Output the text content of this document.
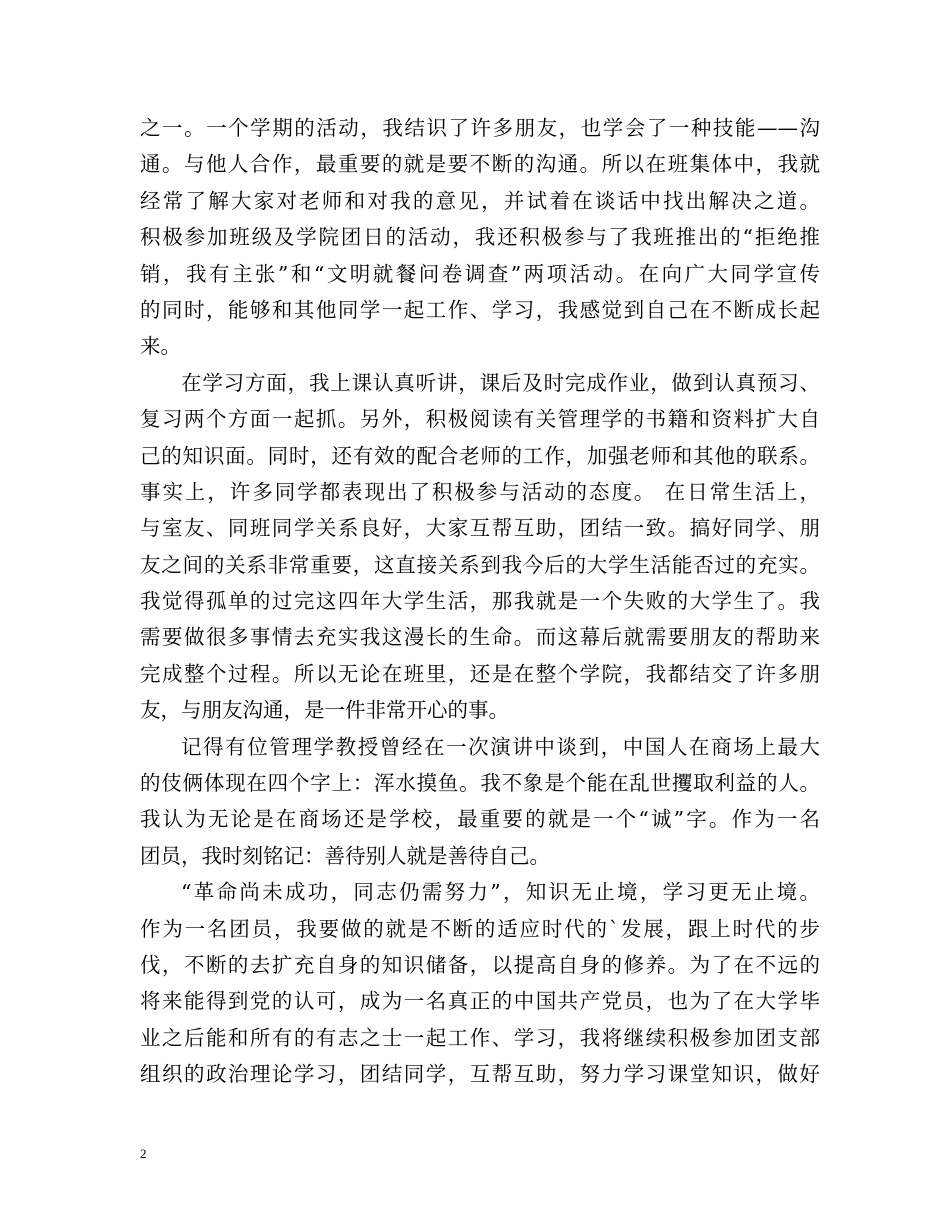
之一。一个学期的活动，我结识了许多朋友，也学会了一种技能——沟
通。与他人合作，最重要的就是要不断的沟通。所以在班集体中，我就
经常了解大家对老师和对我的意见，并试着在谈话中找出解决之道。
积极参加班级及学院团日的活动，我还积极参与了我班推出的“拒绝推
销，我有主张”和“文明就餐问卷调查”两项活动。在向广大同学宣传
的同时，能够和其他同学一起工作、学习，我感觉到自己在不断成长起
来。
在学习方面，我上课认真听讲，课后及时完成作业，做到认真预习、
复习两个方面一起抓。另外，积极阅读有关管理学的书籍和资料扩大自
己的知识面。同时，还有效的配合老师的工作，加强老师和其他的联系。
事实上，许多同学都表现出了积极参与活动的态度。 在日常生活上，
与室友、同班同学关系良好，大家互帮互助，团结一致。搞好同学、朋
友之间的关系非常重要，这直接关系到我今后的大学生活能否过的充实。
我觉得孤单的过完这四年大学生活，那我就是一个失败的大学生了。我
需要做很多事情去充实我这漫长的生命。而这幕后就需要朋友的帮助来
完成整个过程。所以无论在班里，还是在整个学院，我都结交了许多朋
友，与朋友沟通，是一件非常开心的事。
记得有位管理学教授曾经在一次演讲中谈到，中国人在商场上最大
的伎俩体现在四个字上：浑水摸鱼。我不象是个能在乱世攫取利益的人。
我认为无论是在商场还是学校，最重要的就是一个“诚”字。作为一名
团员，我时刻铭记：善待别人就是善待自己。
“革命尚未成功，同志仍需努力”，知识无止境，学习更无止境。
作为一名团员，我要做的就是不断的适应时代的`发展，跟上时代的步
伐，不断的去扩充自身的知识储备，以提高自身的修养。为了在不远的
将来能得到党的认可，成为一名真正的中国共产党员，也为了在大学毕
业之后能和所有的有志之士一起工作、学习，我将继续积极参加团支部
组织的政治理论学习，团结同学，互帮互助，努力学习课堂知识，做好
2
